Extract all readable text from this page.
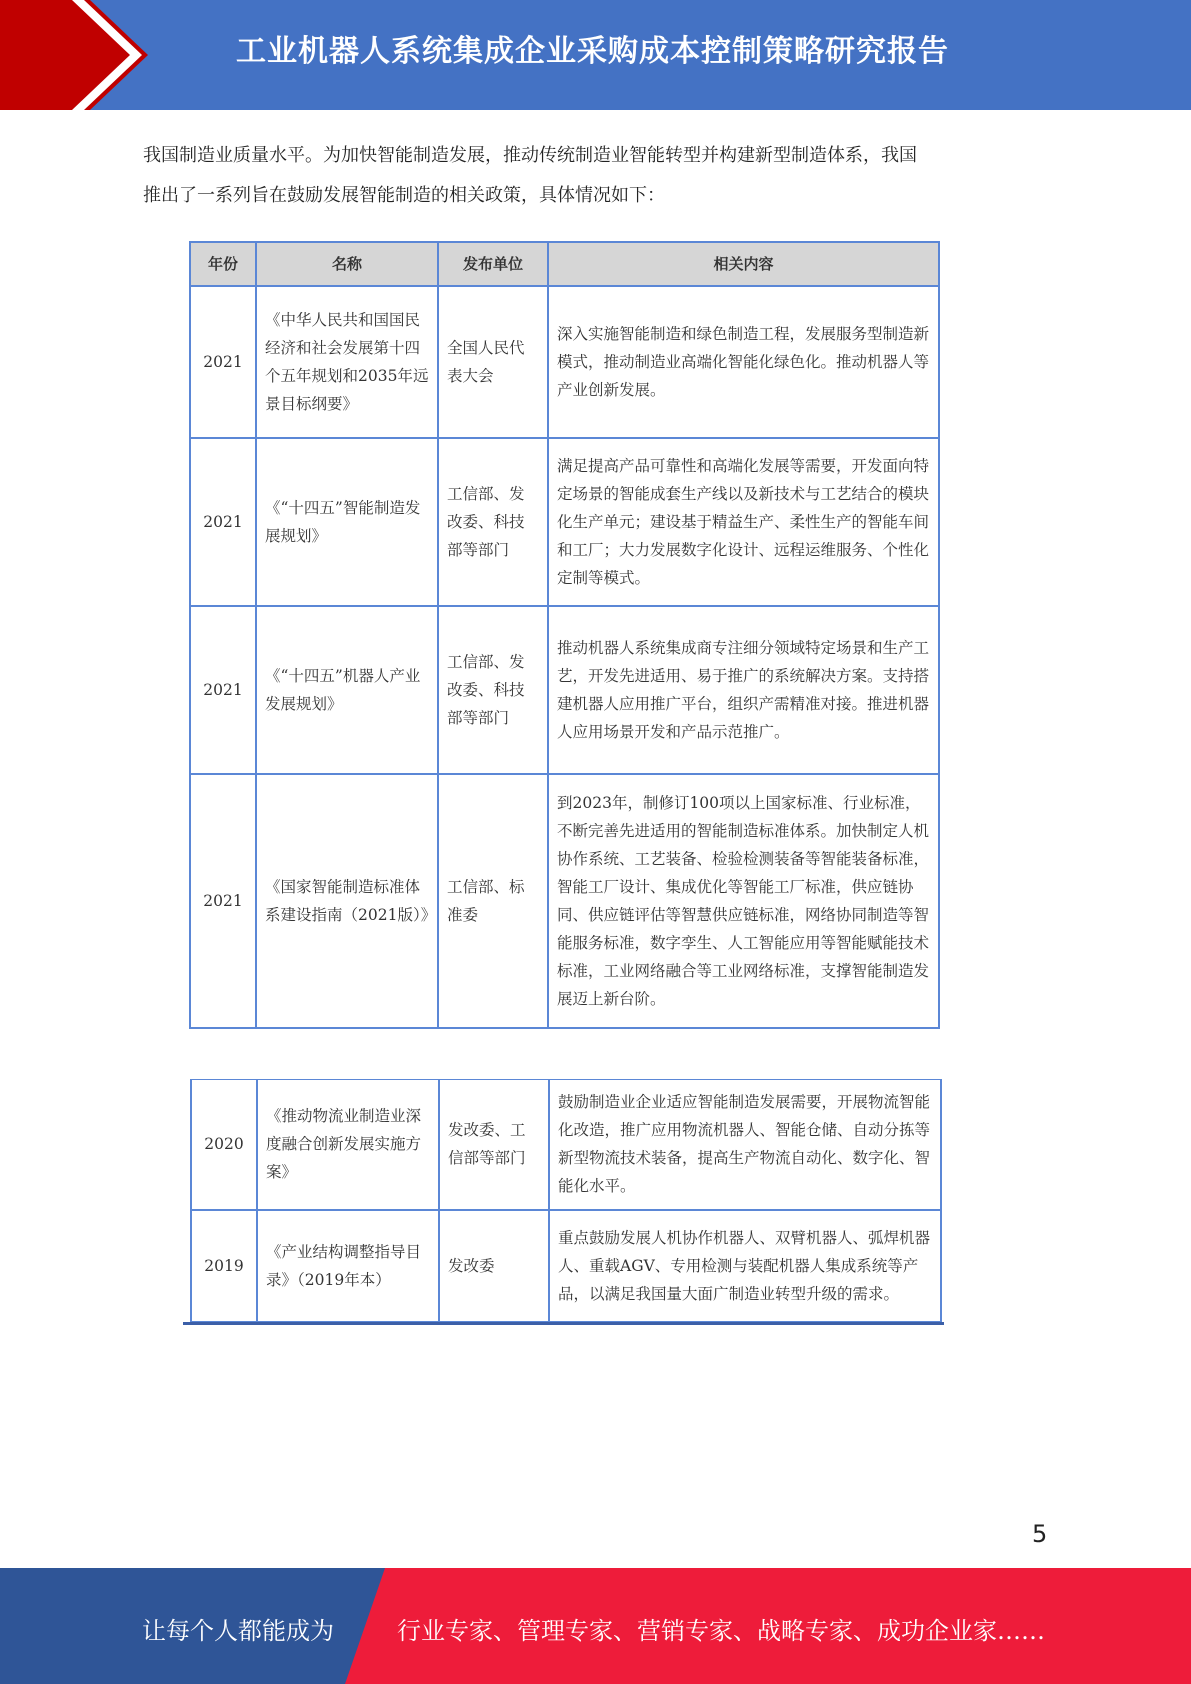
工业机器人系统集成企业采购成本控制策略研究报告

我国制造业质量水平。为加快智能制造发展，推动传统制造业智能转型并构建新型制造体系，我国

推出了一系列旨在鼓励发展智能制造的相关政策，具体情况如下：

年份	名称	发布单位	相关内容
2021	《中华人民共和国国民经济和社会发展第十四个五年规划和2035年远景目标纲要》	全国人民代表大会	深入实施智能制造和绿色制造工程，发展服务型制造新模式，推动制造业高端化智能化绿色化。推动机器人等产业创新发展。
2021	《“十四五”智能制造发展规划》	工信部、发改委、科技部等部门	满足提高产品可靠性和高端化发展等需要，开发面向特定场景的智能成套生产线以及新技术与工艺结合的模块化生产单元；建设基于精益生产、柔性生产的智能车间和工厂；大力发展数字化设计、远程运维服务、个性化定制等模式。
2021	《“十四五”机器人产业发展规划》	工信部、发改委、科技部等部门	推动机器人系统集成商专注细分领域特定场景和生产工艺，开发先进适用、易于推广的系统解决方案。支持搭建机器人应用推广平台，组织产需精准对接。推进机器人应用场景开发和产品示范推广。
2021	《国家智能制造标准体系建设指南（2021版）》	工信部、标准委	到2023年，制修订100项以上国家标准、行业标准，不断完善先进适用的智能制造标准体系。加快制定人机协作系统、工艺装备、检验检测装备等智能装备标准，智能工厂设计、集成优化等智能工厂标准，供应链协同、供应链评估等智慧供应链标准，网络协同制造等智能服务标准，数字孪生、人工智能应用等智能赋能技术标准，工业网络融合等工业网络标准，支撑智能制造发展迈上新台阶。
2020	《推动物流业制造业深度融合创新发展实施方案》	发改委、工信部等部门	鼓励制造业企业适应智能制造发展需要，开展物流智能化改造，推广应用物流机器人、智能仓储、自动分拣等新型物流技术装备，提高生产物流自动化、数字化、智能化水平。
2019	《产业结构调整指导目录》（2019年本）	发改委	重点鼓励发展人机协作机器人、双臂机器人、弧焊机器人、重载AGV、专用检测与装配机器人集成系统等产品，以满足我国量大面广制造业转型升级的需求。
5
让每个人都能成为	行业专家、管理专家、营销专家、战略专家、成功企业家……
